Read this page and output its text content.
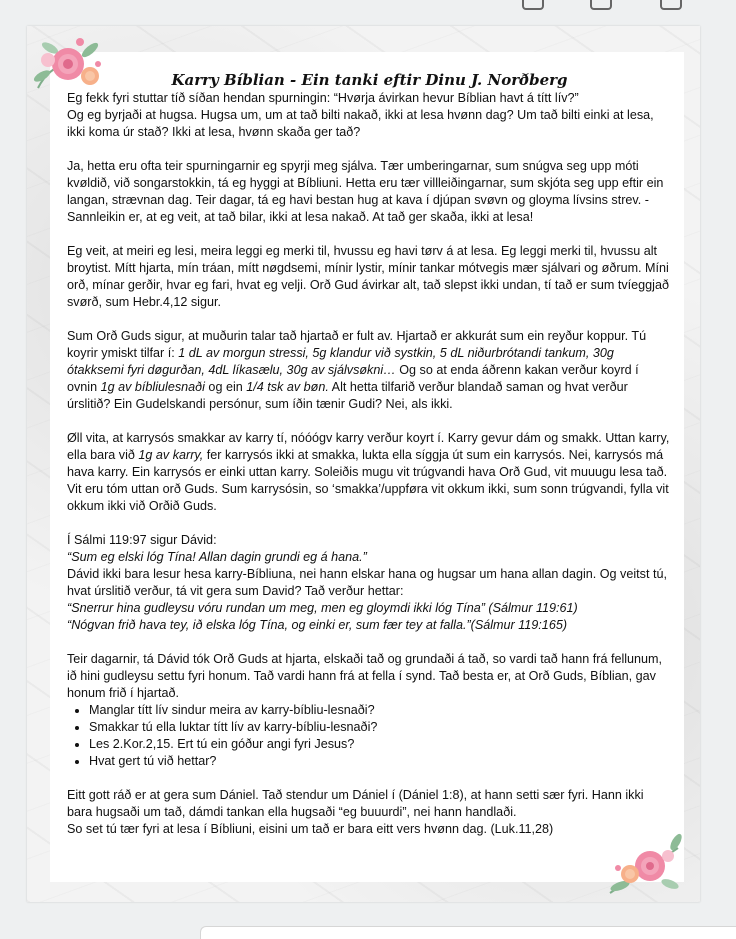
Karry Bíblian - Ein tanki eftir Dinu J. Norðberg

Eg fekk fyri stuttar tíð síðan hendan spurningin: “Hvørja ávirkan hevur Bíblian havt á títt lív?”

Og eg byrjaði at hugsa. Hugsa um, um at tað bilti nakað, ikki at lesa hvønn dag? Um tað bilti einki at lesa, ikki koma úr stað? Ikki at lesa, hvønn skaða ger tað?

Ja, hetta eru ofta teir spurningarnir eg spyrji meg sjálva. Tær umberingarnar, sum snúgva seg upp móti kvøldið, við songarstokkin, tá eg hyggi at Bíbliuni. Hetta eru tær villleiðingarnar, sum skjóta seg upp eftir ein langan, strævnan dag. Teir dagar, tá eg havi bestan hug at kava í djúpan svøvn og gloyma lívsins strev. - Sannleikin er, at eg veit, at tað bilar, ikki at lesa nakað. At tað ger skaða, ikki at lesa!

Eg veit, at meiri eg lesi, meira leggi eg merki til, hvussu eg havi tørv á at lesa. Eg leggi merki til, hvussu alt broytist. Mítt hjarta, mín tráan, mítt nøgdsemi, mínir lystir, mínir tankar mótvegis mær sjálvari og øðrum. Míni orð, mínar gerðir, hvar eg fari, hvat eg velji. Orð Gud ávirkar alt, tað slepst ikki undan, tí tað er sum tvíeggjað svørð, sum Hebr.4,12 sigur.

Sum Orð Guds sigur, at muðurin talar tað hjartað er fult av. Hjartað er akkurát sum ein reyður koppur. Tú koyrir ymiskt tilfar í: 1 dL av morgun stressi, 5g klandur við systkin, 5 dL niðurbrótandi tankum, 30g ótakksemi fyri døgurðan, 4dL líkasælu, 30g av sjálvsøkni… Og so at enda áðrenn kakan verður koyrd í ovnin 1g av bíbliulesnaði og ein 1/4 tsk av bøn. Alt hetta tilfarið verður blandað saman og hvat verður úrslitið? Ein Gudelskandi persónur, sum íðin tænir Gudi? Nei, als ikki.

Øll vita, at karrysós smakkar av karry tí, nóóógv karry verður koyrt í. Karry gevur dám og smakk. Uttan karry, ella bara við 1g av karry, fer karrysós ikki at smakka, lukta ella síggja út sum ein karrysós. Nei, karrysós má hava karry. Ein karrysós er einki uttan karry. Soleiðis mugu vit trúgvandi hava Orð Gud, vit muuugu lesa tað. Vit eru tóm uttan orð Guds. Sum karrysósin, so ‘smakka’/uppføra vit okkum ikki, sum sonn trúgvandi, fylla vit okkum ikki við Orðið Guds.

Í Sálmi 119:97 sigur Dávid:

“Sum eg elski lóg Tína! Allan dagin grundi eg á hana.”

Dávid ikki bara lesur hesa karry-Bíbliuna, nei hann elskar hana og hugsar um hana allan dagin. Og veitst tú, hvat úrslitið verður, tá vit gera sum David? Tað verður hettar:

“Snerrur hina gudleysu vóru rundan um meg, men eg gloymdi ikki lóg Tína” (Sálmur 119:61)

“Nógvan frið hava tey, ið elska lóg Tína, og einki er, sum fær tey at falla.”(Sálmur 119:165)

Teir dagarnir, tá Dávid tók Orð Guds at hjarta, elskaði tað og grundaði á tað, so vardi tað hann frá fellunum, ið hini gudleysu settu fyri honum. Tað vardi hann frá at fella í synd. Tað besta er, at Orð Guds, Bíblian, gav honum frið í hjartað.

• Manglar títt lív sindur meira av karry-bíbliu-lesnaði?
• Smakkar tú ella luktar títt lív av karry-bíbliu-lesnaði?
• Les 2.Kor.2,15. Ert tú ein góður angi fyri Jesus?
• Hvat gert tú við hettar?

Eitt gott ráð er at gera sum Dániel. Tað stendur um Dániel í (Dániel 1:8), at hann setti sær fyri. Hann ikki bara hugsaði um tað, dámdi tankan ella hugsaði “eg buuurdi”, nei hann handlaði.

So set tú tær fyri at lesa í Bíbliuni, eisini um tað er bara eitt vers hvønn dag. (Luk.11,28)
